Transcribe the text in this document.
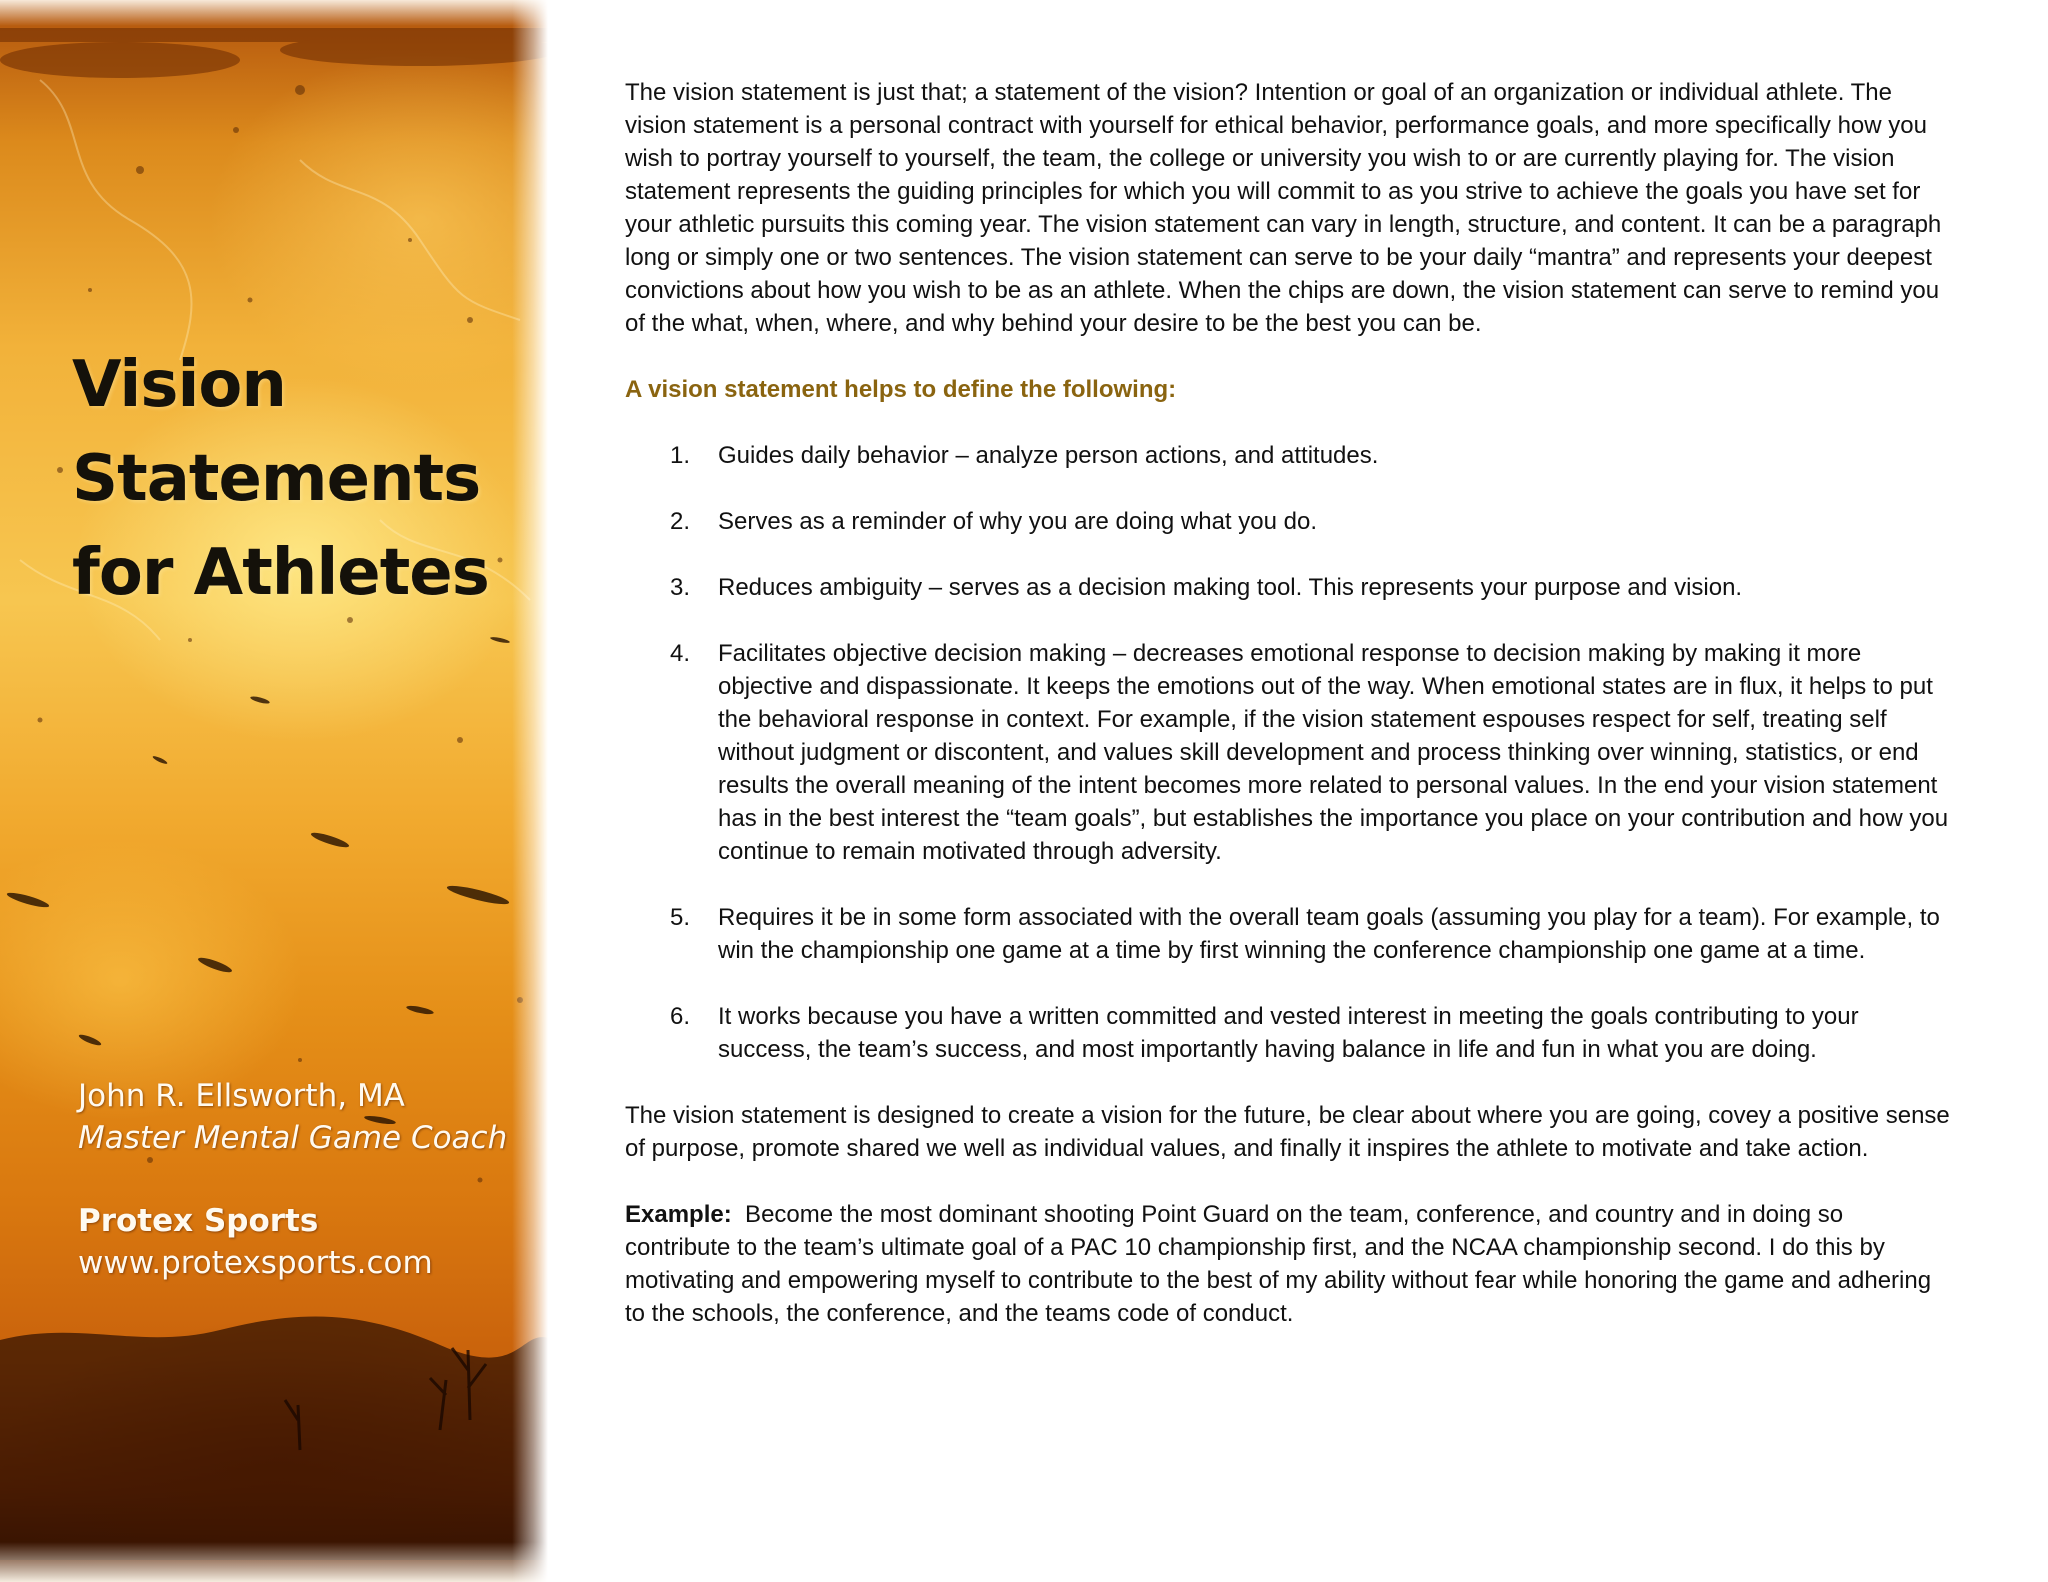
Vision
Statements
for Athletes
John R. Ellsworth, MA
Master Mental Game Coach
Protex Sports
www.protexsports.com

The vision statement is just that; a statement of the vision? Intention or goal of an organization or individual athlete. The vision statement is a personal contract with yourself for ethical behavior, performance goals, and more specifically how you wish to portray yourself to yourself, the team, the college or university you wish to or are currently playing for. The vision statement represents the guiding principles for which you will commit to as you strive to achieve the goals you have set for your athletic pursuits this coming year. The vision statement can vary in length, structure, and content. It can be a paragraph long or simply one or two sentences. The vision statement can serve to be your daily “mantra” and represents your deepest convictions about how you wish to be as an athlete. When the chips are down, the vision statement can serve to remind you of the what, when, where, and why behind your desire to be the best you can be.

A vision statement helps to define the following:

1. Guides daily behavior – analyze person actions, and attitudes.
2. Serves as a reminder of why you are doing what you do.
3. Reduces ambiguity – serves as a decision making tool. This represents your purpose and vision.
4. Facilitates objective decision making – decreases emotional response to decision making by making it more objective and dispassionate. It keeps the emotions out of the way. When emotional states are in flux, it helps to put the behavioral response in context. For example, if the vision statement espouses respect for self, treating self without judgment or discontent, and values skill development and process thinking over winning, statistics, or end results the overall meaning of the intent becomes more related to personal values. In the end your vision statement has in the best interest the “team goals”, but establishes the importance you place on your contribution and how you continue to remain motivated through adversity.
5. Requires it be in some form associated with the overall team goals (assuming you play for a team). For example, to win the championship one game at a time by first winning the conference championship one game at a time.
6. It works because you have a written committed and vested interest in meeting the goals contributing to your success, the team’s success, and most importantly having balance in life and fun in what you are doing.

The vision statement is designed to create a vision for the future, be clear about where you are going, covey a positive sense of purpose, promote shared we well as individual values, and finally it inspires the athlete to motivate and take action.

Example:  Become the most dominant shooting Point Guard on the team, conference, and country and in doing so contribute to the team’s ultimate goal of a PAC 10 championship first, and the NCAA championship second. I do this by motivating and empowering myself to contribute to the best of my ability without fear while honoring the game and adhering to the schools, the conference, and the teams code of conduct.
